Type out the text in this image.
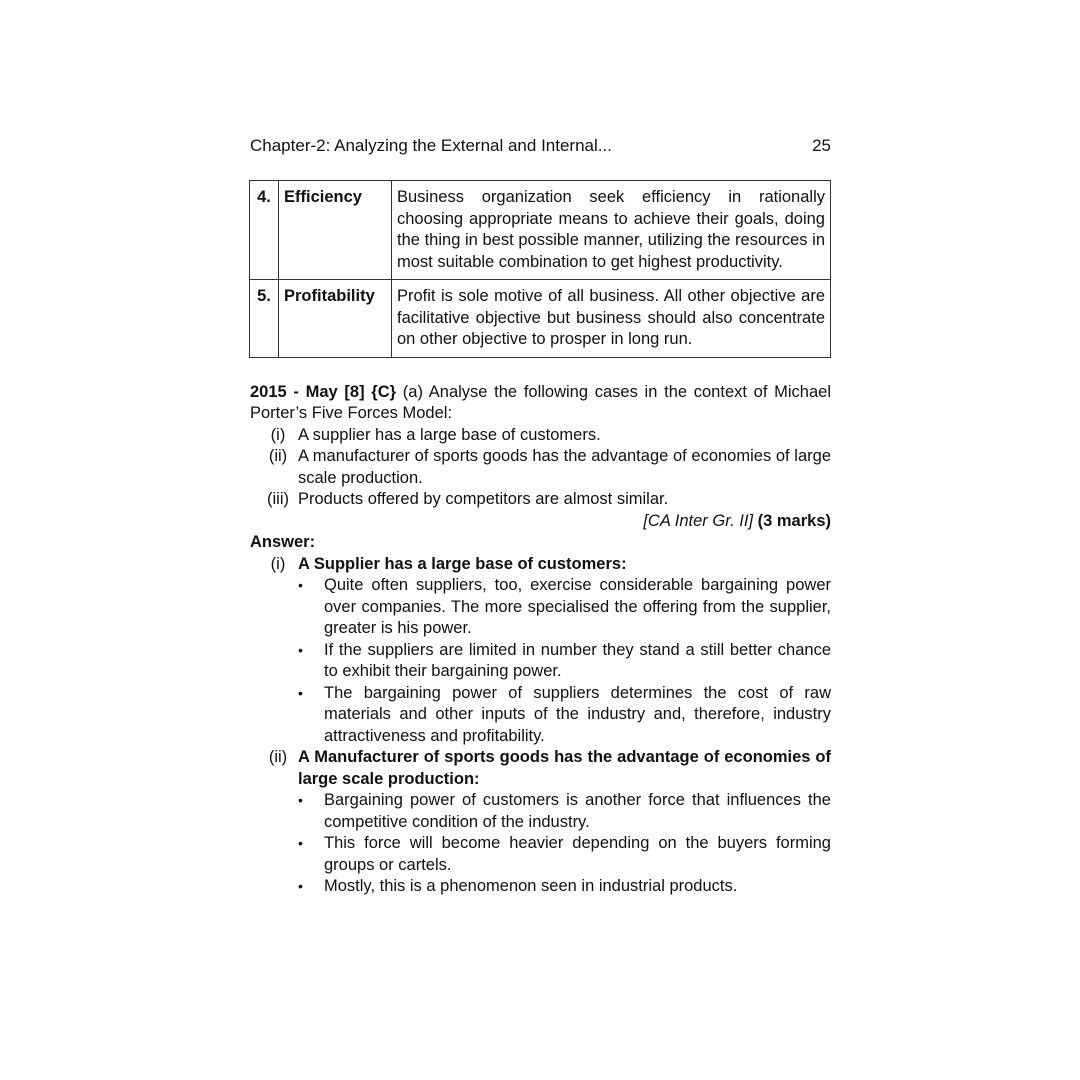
Chapter-2: Analyzing the External and Internal...	25
4.	Efficiency	Business organization seek efficiency in rationally choosing appropriate means to achieve their goals, doing the thing in best possible manner, utilizing the resources in most suitable combination to get highest productivity.
5.	Profitability	Profit is sole motive of all business. All other objective are facilitative objective but business should also concentrate on other objective to prosper in long run.
2015 - May [8] {C} (a) Analyse the following cases in the context of Michael Porter’s Five Forces Model:
(i) A supplier has a large base of customers.
(ii) A manufacturer of sports goods has the advantage of economies of large scale production.
(iii) Products offered by competitors are almost similar.
[CA Inter Gr. II] (3 marks)
Answer:
(i) A Supplier has a large base of customers:
•	Quite often suppliers, too, exercise considerable bargaining power over companies. The more specialised the offering from the supplier, greater is his power.
•	If the suppliers are limited in number they stand a still better chance to exhibit their bargaining power.
•	The bargaining power of suppliers determines the cost of raw materials and other inputs of the industry and, therefore, industry attractiveness and profitability.
(ii) A Manufacturer of sports goods has the advantage of economies of large scale production:
•	Bargaining power of customers is another force that influences the competitive condition of the industry.
•	This force will become heavier depending on the buyers forming groups or cartels.
•	Mostly, this is a phenomenon seen in industrial products.
